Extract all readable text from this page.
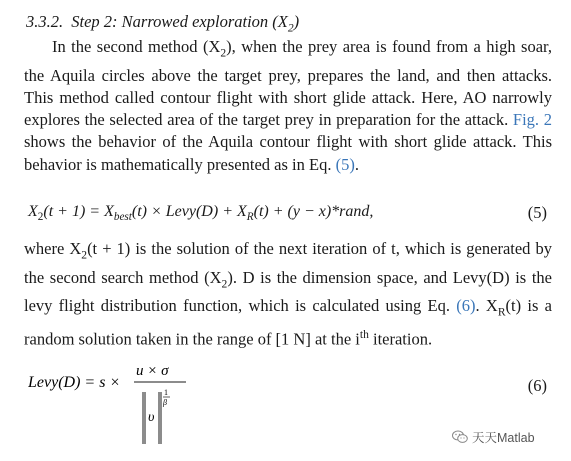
3.3.2. Step 2: Narrowed exploration $(X_2)$
In the second method $(X_2)$, when the prey area is found from a high soar, the Aquila circles above the target prey, prepares the land, and then attacks. This method called contour flight with short glide attack. Here, AO narrowly explores the selected area of the target prey in preparation for the attack. Fig. 2 shows the behavior of the Aquila contour flight with short glide attack. This behavior is mathematically presented as in Eq. (5).
$X_2(t + 1) = X_{best}(t)$ × Levy(D) + $X_R(t) + (y$ − x)*rand,	(5)
where $X_2(t + 1)$ is the solution of the next iteration of t, which is generated by the second search method $(X_2)$. D is the dimension space, and Levy(D) is the levy flight distribution function, which is calculated using Eq. (6). $X_R(t)$ is a random solution taken in the range of [1 N] at the $i^{th}$ iteration.
Levy(D) = s ×
u × σ
υ
1
β
(6)
天天Matlab
